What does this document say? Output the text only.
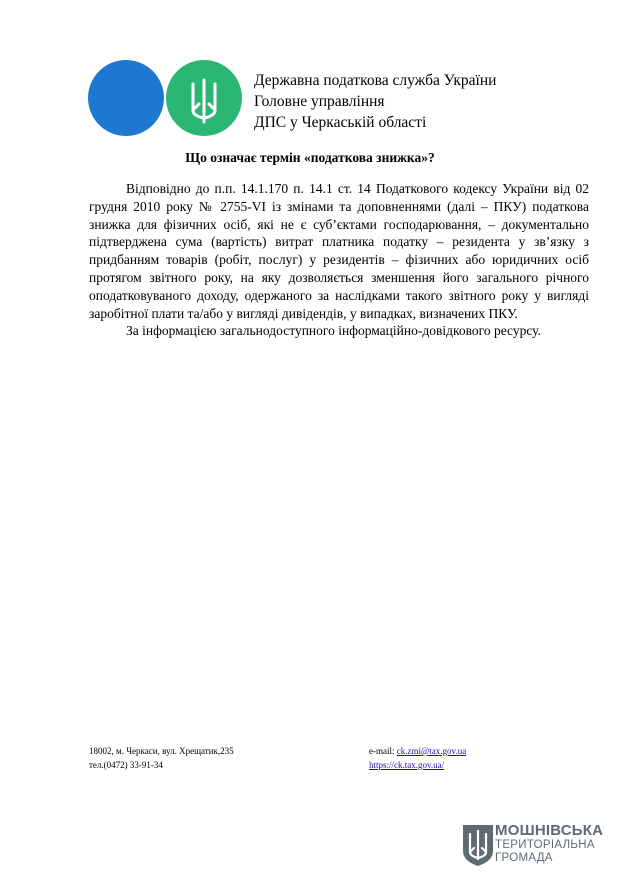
Державна податкова служба України
Головне управління
ДПС у Черкаській області
Що означає термін «податкова знижка»?

Відповідно до п.п. 14.1.170 п. 14.1 ст. 14 Податкового кодексу України від 02 грудня 2010 року № 2755-VI із змінами та доповненнями (далі – ПКУ) податкова знижка для фізичних осіб, які не є суб’єктами господарювання, – документально підтверджена сума (вартість) витрат платника податку – резидента у зв’язку з придбанням товарів (робіт, послуг) у резидентів – фізичних або юридичних осіб протягом звітного року, на яку дозволяється зменшення його загального річного оподатковуваного доходу, одержаного за наслідками такого звітного року у вигляді заробітної плати та/або у вигляді дивідендів, у випадках, визначених ПКУ.

За інформацією загальнодоступного інформаційно-довідкового ресурсу.

18002, м. Черкаси, вул. Хрещатик,235
тел.(0472) 33-91-34
e-mail: ck.zmi@tax.gov.ua
https://ck.tax.gov.ua/
МОШНІВСЬКА
ТЕРИТОРІАЛЬНА
ГРОМАДА
